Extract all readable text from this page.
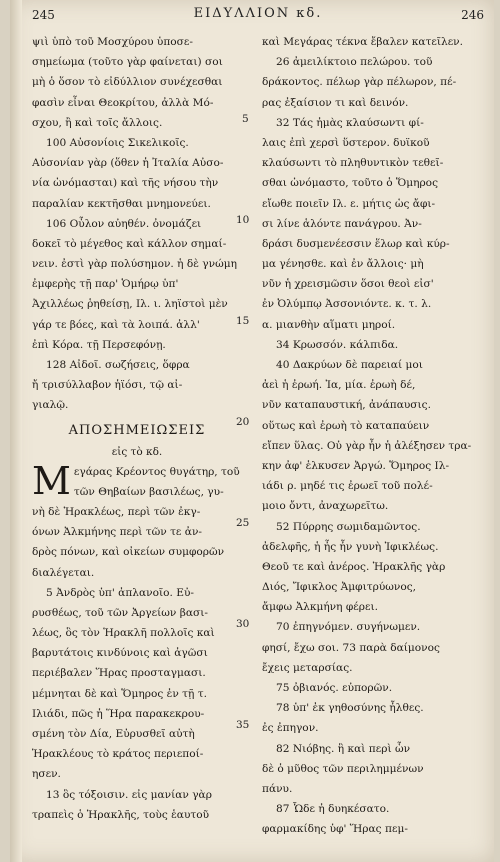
245	ΕΙΔΥΛΛΙΟΝ κδ.	246
ψιὶ ὑπὸ τοῦ Μοσχύρου ὑποσε-
σημείωμα (τοῦτο γὰρ φαίνεται) σοι
μὴ ὁ ὅσον τὸ εἰδύλλιον συνέχεσθαι
φασὶν εἶναι Θεοκρίτου, ἀλλὰ Μό-
σχου, ἢ καὶ τοῖς ἄλλοις.
100 Αὐσονίοις Σικελικοῖς.
Αὐσονίαν γὰρ (ὅθεν ἡ Ἰταλία Αὐσο-
νία ὠνόμασται) καὶ τῆς νήσου τὴν
παραλίαν κεκτῆσθαι μνημονεύει.
106 Οὖλον αὐηθέν. ὀνομάζει
δοκεῖ τὸ μέγεθος καὶ κάλλον σημαί-
νειν. ἐστὶ γὰρ πολύσημον. ἡ δὲ γνώμη
ἐμφερὴς τῇ παρ' Ὁμήρῳ ὑπ'
Ἀχιλλέως ῥηθείσῃ, Ιλ. ι. ληϊστοὶ μὲν
γάρ τε βόες, καὶ τὰ λοιπά. ἀλλ'
ἐπὶ Κόρα. τῇ Περσεφόνῃ.
128 Αἰδοῖ. σωζήσεις, ὅφρα
ἤ τρισύλλαβον ἡϊόσι, τῷ αἰ-
γιαλῷ.
ΑΠΟΣΗΜΕΙΩΣΕΙΣ
εἰς τὸ κδ.
Μ εγάρας Κρέοντος θυγάτηρ, τοῦ
τῶν Θηβαίων βασιλέως, γυ-
νὴ δὲ Ἡρακλέως, περὶ τῶν ἐκγ-
όνων Ἀλκμήνης περὶ τῶν τε ἀν-
δρὸς πόνων, καὶ οἰκείων συμφορῶν
διαλέγεται.
5 Ἀνδρὸς ὑπ' ἀπλανοῖο. Εὐ-
ρυσθέως, τοῦ τῶν Ἀργείων βασι-
λέως, ὃς τὸν Ἡρακλῆ πολλοῖς καὶ
βαρυτάτοις κινδύνοις καὶ ἀγῶσι
περιέβαλεν Ἥρας προσταγμασι.
μέμνηται δὲ καὶ Ὅμηρος ἐν τῇ τ.
Ιλιάδι, πῶς ἡ Ἥρα παρακεκρου-
σμένη τὸν Δία, Εὐρυσθεῖ αὐτὴ
Ἡρακλέους τὸ κράτος περιεποί-
ησεν.
13 ὃς τόξοισιν. εἰς μανίαν γὰρ
τραπεὶς ὁ Ἡρακλῆς, τοὺς ἑαυτοῦ
5
10
15
20
25
30
35
καὶ Μεγάρας τέκνα ἔβαλεν κατεῖλεν.
26 ἀμειλίκτοιο πελώρου. τοῦ
δράκοντος. πέλωρ γὰρ πέλωρον, πέ-
ρας ἐξαίσιον τι καὶ δεινόν.
32 Τάς ἠμὰς κλαύσωντι φί-
λαις ἐπὶ χερσὶ ὕστερον. δυϊκοῦ
κλαύσωντι τὸ πληθυντικὸν τεθεῖ-
σθαι ὠνόμαστο, τοῦτο ὁ Ὅμηρος
εἴωθε ποιεῖν Ιλ. ε. μήτις ὡς ἄφι-
σι λίνε ἁλόντε πανάγρου. Ἀν-
δράσι δυσμενέεσσιν ἕλωρ καὶ κύρ-
μα γένησθε. καὶ ἐν ἄλλοις· μὴ
νῦν ἡ χρεισμῶσιν ὅσοι θεοὶ εἰσ'
ἐν Ὀλύμπῳ Ἀσσονιόντε. κ. τ. λ.
α. μιανθὴν αἵματι μηροί.
34 Κρωσσόν. κάλπιδα.
40 Δακρύων δὲ παρειαί μοι
ἀεὶ ἡ ἐρωή. Ἰα, μία. ἐρωὴ δέ,
νῦν καταπαυστική, ἀνάπαυσις.
οὕτως καὶ ἐρωὴ τὸ καταπαύειν
εἴπεν ὕλας. Οὐ γὰρ ἦν ἡ ἀλέξησεν τρα-
κην ἀφ' ἑλκυσεν Ἀργώ. Ὅμηρος Ιλ-
ιάδι ρ. μηδέ τις ἐρωεῖ τοῦ πολέ-
μοιο ὄντι, ἀναχωρεῖτω.
52 Πύρρης σωμιδαμῶντος.
ἀδελφῆς, ἡ ἦς ἦν γυνὴ Ἰφικλέως.
Θεοῦ τε καὶ ἀνέρος. Ἡρακλῆς γὰρ
Διός, Ἴφικλος Ἀμφιτρύωνος,
ἄμφω Ἀλκμήνη φέρει.
70 ἐπηγνόμεν. συγήνωμεν.
φησί, ἔχω σοι. 73 παρὰ δαίμονος
ἔχεις μεταρσίας.
75 ὀβιανός. εὐπορῶν.
78 ὑπ' ἐκ γηθοσύνης ἦλθες.
ἐς ἐπηγον.
82 Νιόβης. ἣ καὶ περὶ ὧν
δὲ ὁ μῦθος τῶν περιλημμένων
πάνυ.
87 Ὧδε ἠ δυηκέσατο.
φαρμακίδης ὑφ' Ἥρας πεμ-
